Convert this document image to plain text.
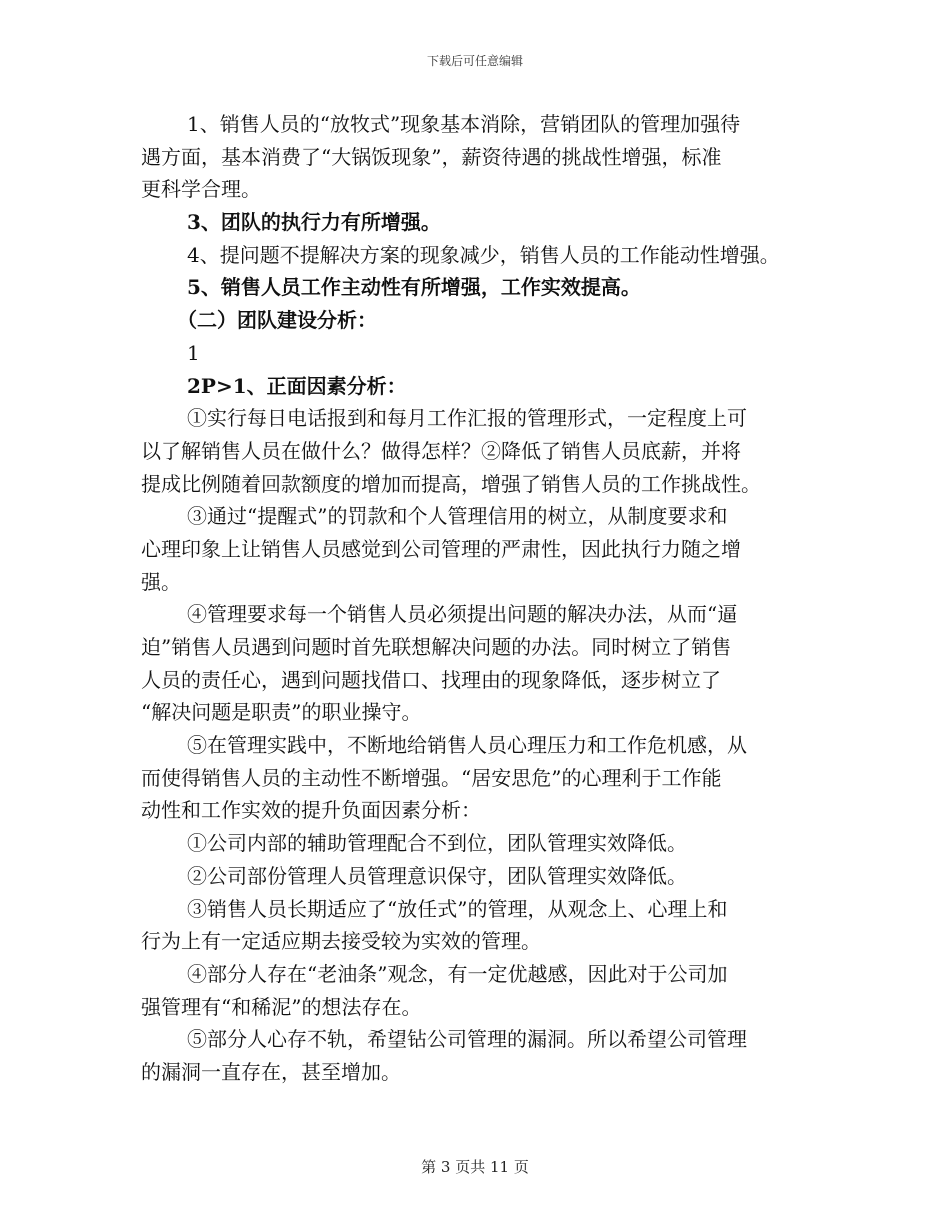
下载后可任意编辑
1、销售人员的“放牧式”现象基本消除，营销团队的管理加强待
遇方面，基本消费了“大锅饭现象”，薪资待遇的挑战性增强，标准
更科学合理。
3、团队的执行力有所增强。
4、提问题不提解决方案的现象减少，销售人员的工作能动性增强。
5、销售人员工作主动性有所增强，工作实效提高。
（二）团队建设分析：
1
2P>1、正面因素分析：
①实行每日电话报到和每月工作汇报的管理形式，一定程度上可
以了解销售人员在做什么？做得怎样？②降低了销售人员底薪，并将
提成比例随着回款额度的增加而提高，增强了销售人员的工作挑战性。
③通过“提醒式”的罚款和个人管理信用的树立，从制度要求和
心理印象上让销售人员感觉到公司管理的严肃性，因此执行力随之增
强。
④管理要求每一个销售人员必须提出问题的解决办法，从而“逼
迫”销售人员遇到问题时首先联想解决问题的办法。同时树立了销售
人员的责任心，遇到问题找借口、找理由的现象降低，逐步树立了
“解决问题是职责”的职业操守。
⑤在管理实践中，不断地给销售人员心理压力和工作危机感，从
而使得销售人员的主动性不断增强。“居安思危”的心理利于工作能
动性和工作实效的提升负面因素分析：
①公司内部的辅助管理配合不到位，团队管理实效降低。
②公司部份管理人员管理意识保守，团队管理实效降低。
③销售人员长期适应了“放任式”的管理，从观念上、心理上和
行为上有一定适应期去接受较为实效的管理。
④部分人存在“老油条”观念，有一定优越感，因此对于公司加
强管理有“和稀泥”的想法存在。
⑤部分人心存不轨，希望钻公司管理的漏洞。所以希望公司管理
的漏洞一直存在，甚至增加。
第 3 页共 11 页
